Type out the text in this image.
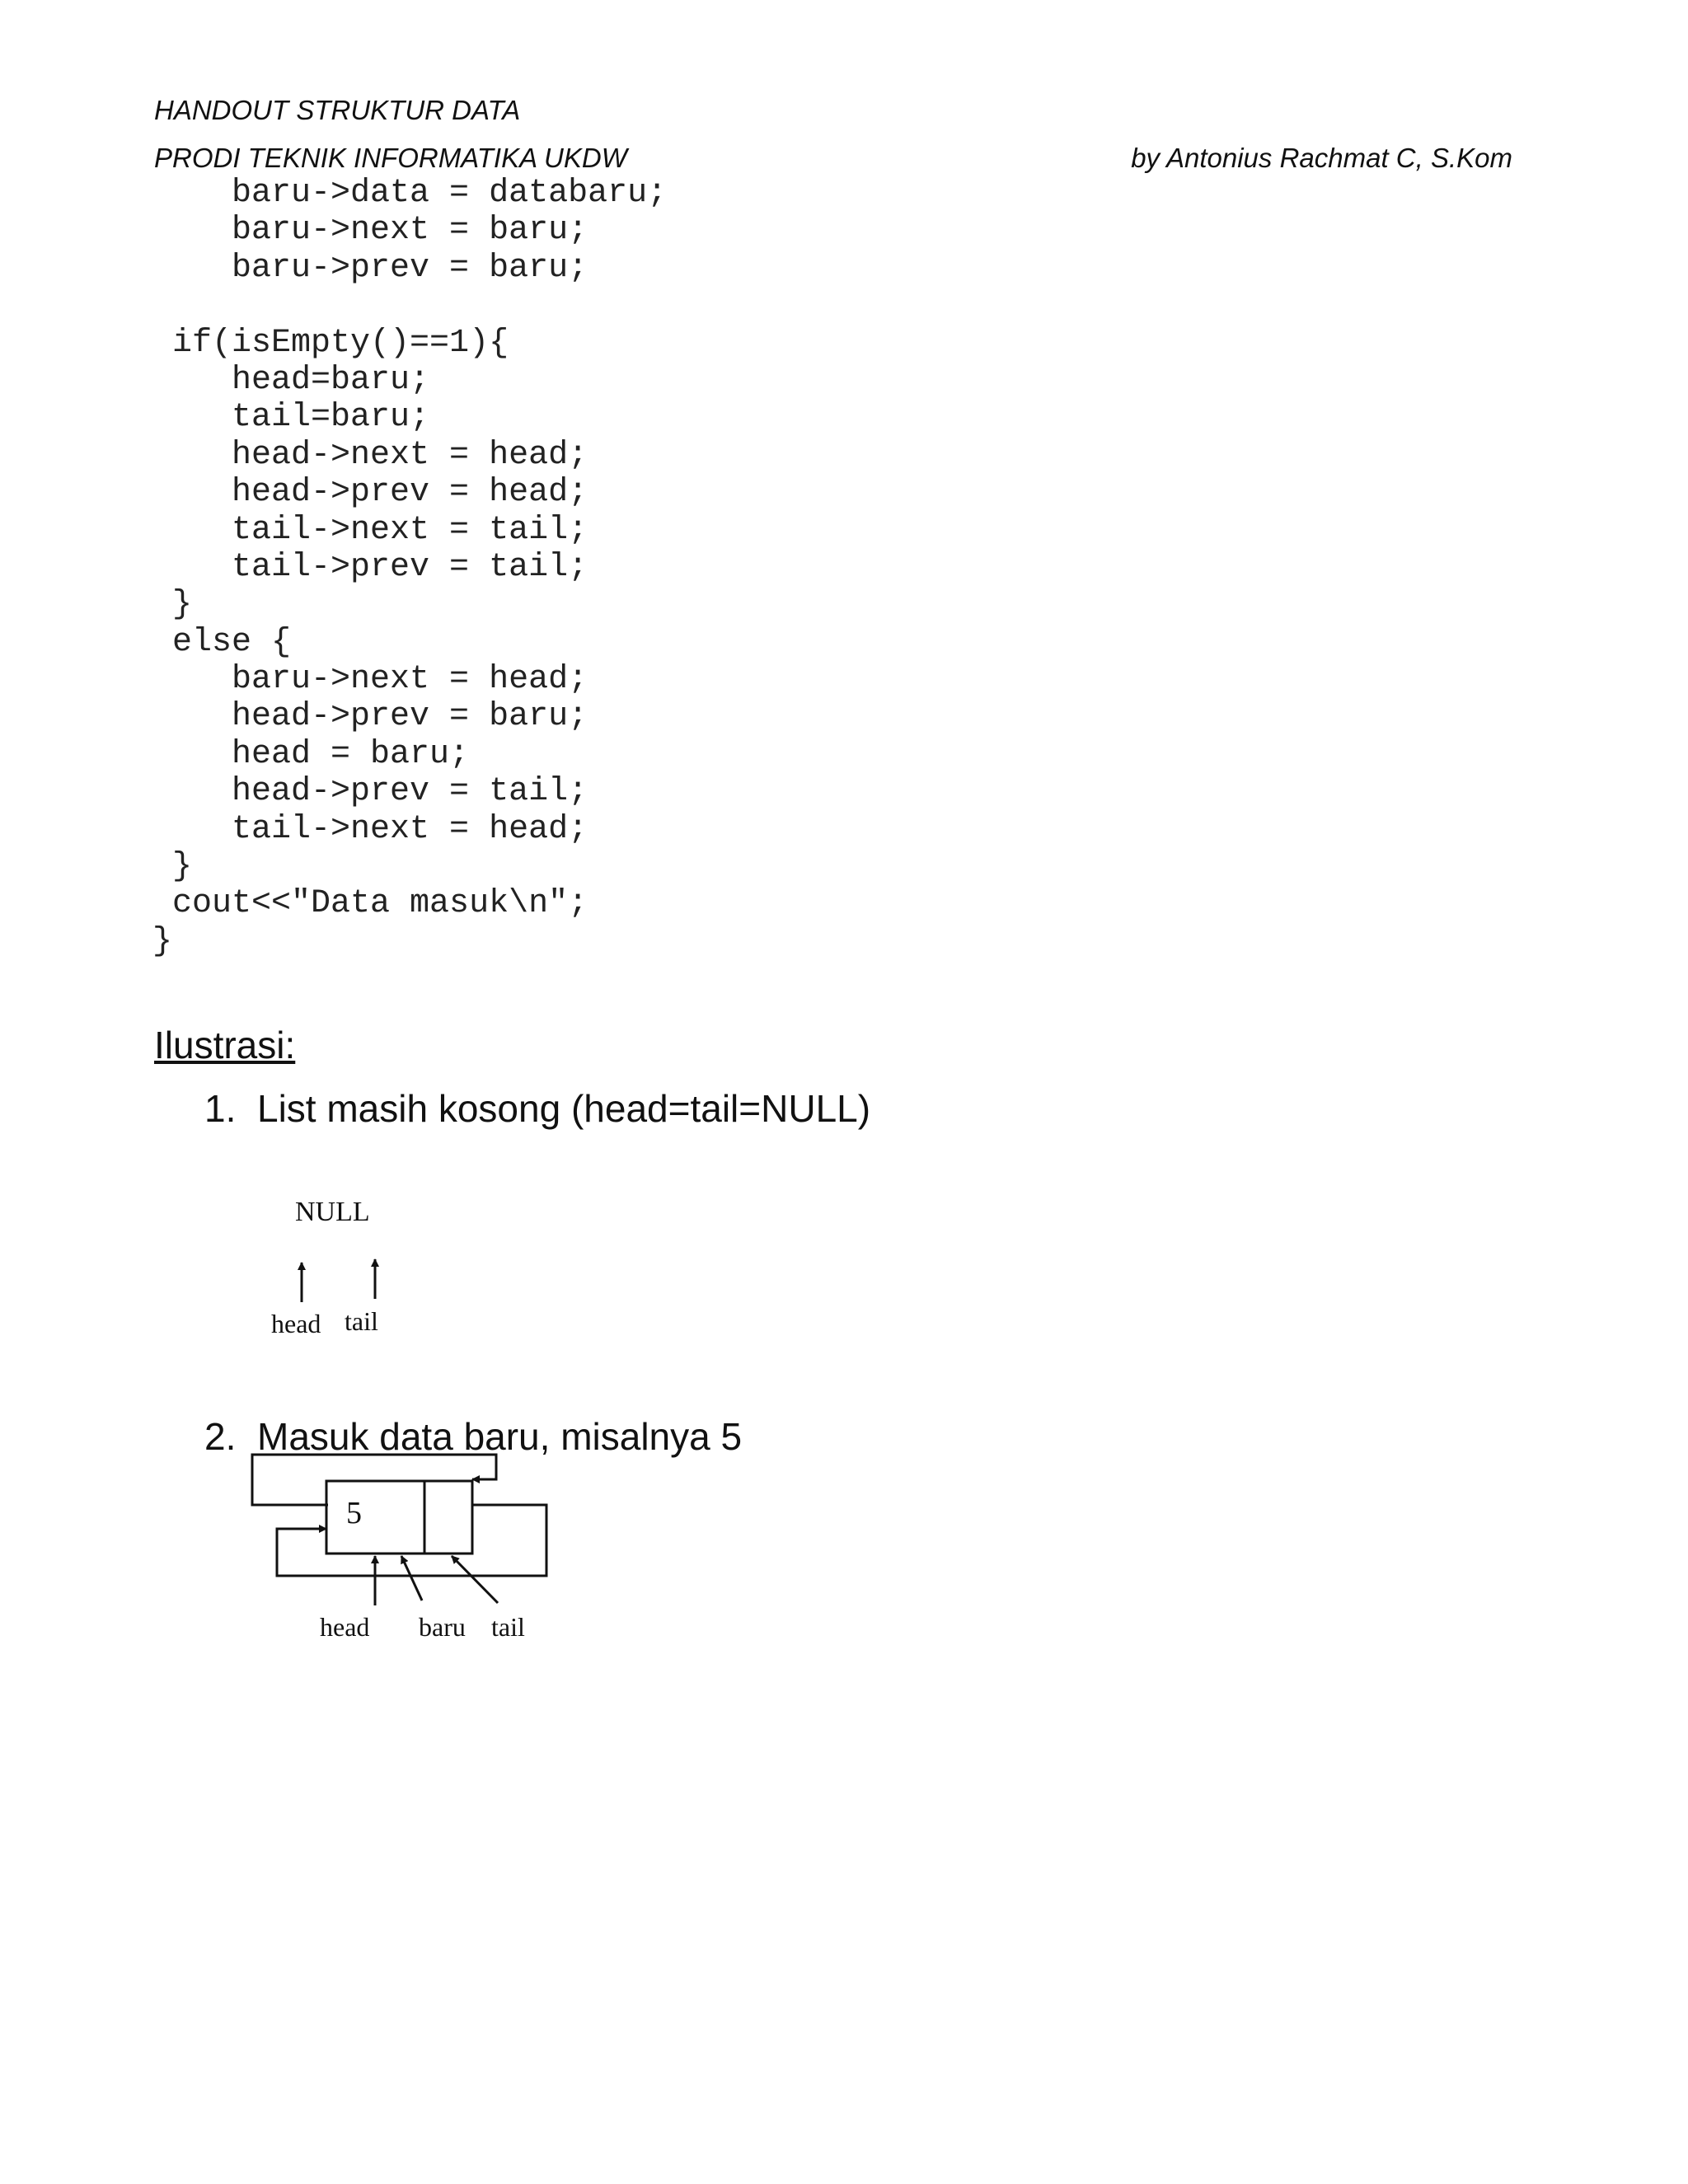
HANDOUT STRUKTUR DATA
PRODI TEKNIK INFORMATIKA UKDW	by Antonius Rachmat C, S.Kom
baru->data = databaru;
baru->next = baru;
baru->prev = baru;
if(isEmpty()==1){
head=baru;
tail=baru;
head->next = head;
head->prev = head;
tail->next = tail;
tail->prev = tail;
}
else {
baru->next = head;
head->prev = baru;
head = baru;
head->prev = tail;
tail->next = head;
}
cout<<"Data masuk\n";
}
Ilustrasi:
1. List masih kosong (head=tail=NULL)
NULL
head tail
5
head baru tail
2. Masuk data baru, misalnya 5
